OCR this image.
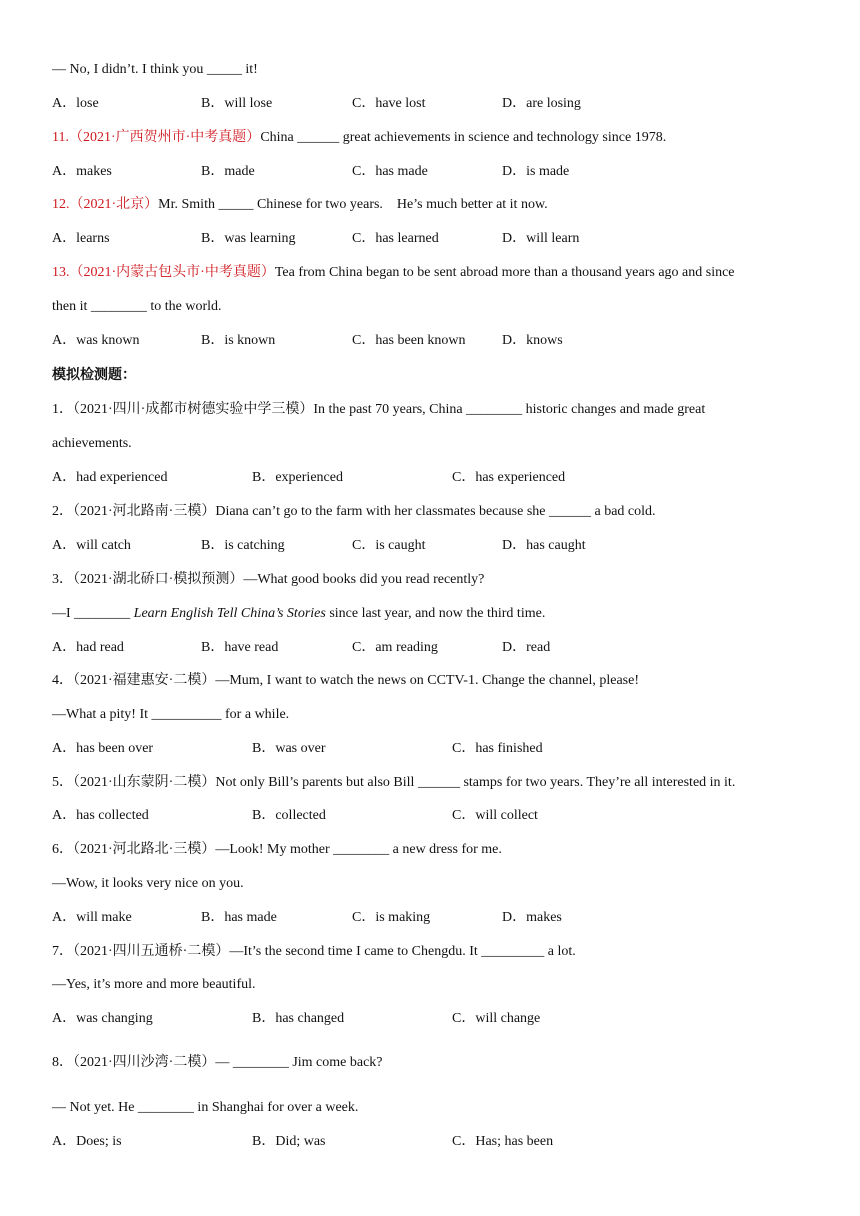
— No, I didn’t. I think you _____ it!
A．lose	B．will lose	C．have lost	D．are losing
11.（2021·广西贺州市·中考真题）China ______ great achievements in science and technology since 1978.
A．makes	B．made	C．has made	D．is made
12.（2021·北京）Mr. Smith _____ Chinese for two years.　He’s much better at it now.
A．learns	B．was learning	C．has learned	D．will learn
13.（2021·内蒙古包头市·中考真题）Tea from China began to be sent abroad more than a thousand years ago and since
then it ________ to the world.
A．was known	B．is known	C．has been known	D．knows
模拟检测题：
1．（2021·四川·成都市树德实验中学三模）In the past 70 years, China ________ historic changes and made great
achievements.
A．had experienced	B．experienced	C．has experienced
2．（2021·河北路南·三模）Diana can’t go to the farm with her classmates because she ______ a bad cold.
A．will catch	B．is catching	C．is caught	D．has caught
3．（2021·湖北硚口·模拟预测）—What good books did you read recently?
—I ________ Learn English Tell China’s Stories since last year, and now the third time.
A．had read	B．have read	C．am reading	D．read
4．（2021·福建惠安·二模）—Mum, I want to watch the news on CCTV-1. Change the channel, please!
—What a pity! It __________ for a while.
A．has been over	B．was over	C．has finished
5．（2021·山东蒙阴·二模）Not only Bill’s parents but also Bill ______ stamps for two years. They’re all interested in it.
A．has collected	B．collected	C．will collect
6．（2021·河北路北·三模）—Look! My mother ________ a new dress for me.
—Wow, it looks very nice on you.
A．will make	B．has made	C．is making	D．makes
7．（2021·四川五通桥·二模）—It’s the second time I came to Chengdu. It _________ a lot.
—Yes, it’s more and more beautiful.
A．was changing	B．has changed	C．will change
8．（2021·四川沙湾·二模）— ________ Jim come back?
— Not yet. He ________ in Shanghai for over a week.
A．Does; is	B．Did; was	C．Has; has been
